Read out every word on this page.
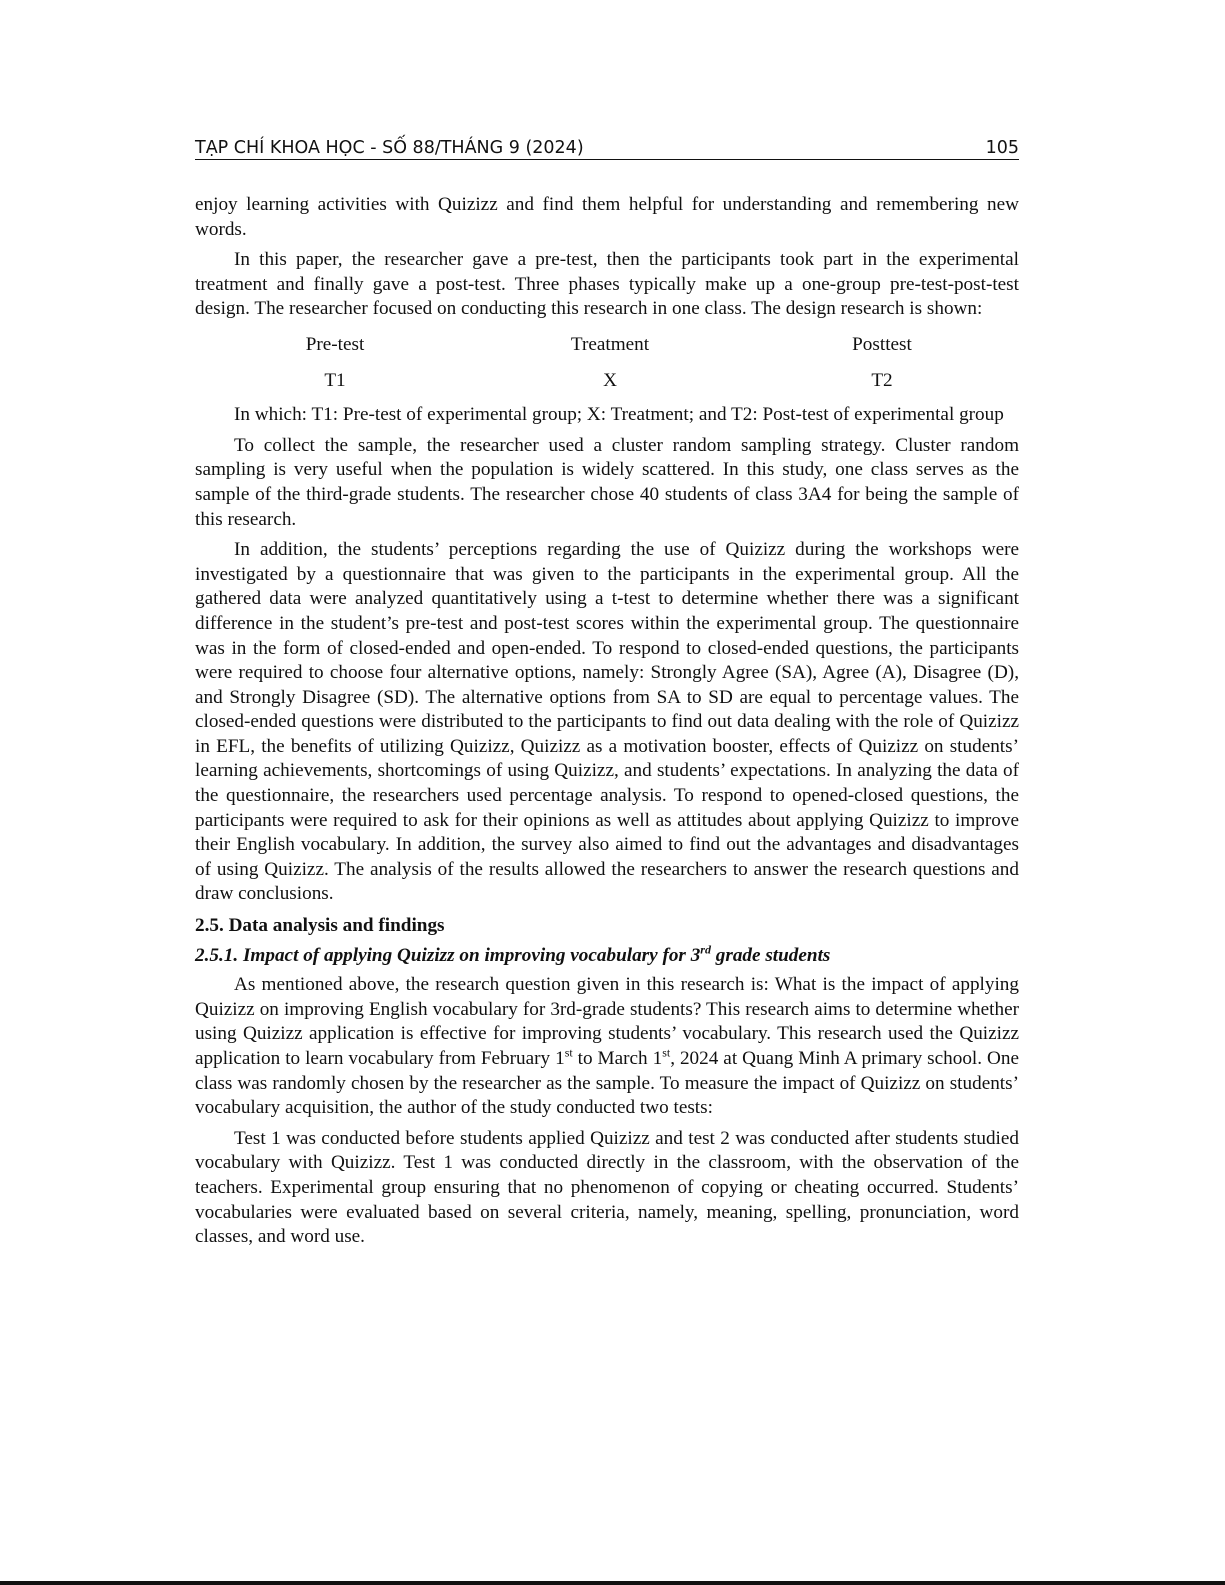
TẠP CHÍ KHOA HỌC - SỐ 88/THÁNG 9 (2024)	105

enjoy learning activities with Quizizz and find them helpful for understanding and remembering new words.

In this paper, the researcher gave a pre-test, then the participants took part in the experimental treatment and finally gave a post-test. Three phases typically make up a one-group pre-test-post-test design. The researcher focused on conducting this research in one class. The design research is shown:

Pre-test	Treatment	Posttest
T1	X	T2

In which: T1: Pre-test of experimental group; X: Treatment; and T2: Post-test of experimental group

To collect the sample, the researcher used a cluster random sampling strategy. Cluster random sampling is very useful when the population is widely scattered. In this study, one class serves as the sample of the third-grade students. The researcher chose 40 students of class 3A4 for being the sample of this research.

In addition, the students’ perceptions regarding the use of Quizizz during the workshops were investigated by a questionnaire that was given to the participants in the experimental group. All the gathered data were analyzed quantitatively using a t-test to determine whether there was a significant difference in the student’s pre-test and post-test scores within the experimental group. The questionnaire was in the form of closed-ended and open-ended. To respond to closed-ended questions, the participants were required to choose four alternative options, namely: Strongly Agree (SA), Agree (A), Disagree (D), and Strongly Disagree (SD). The alternative options from SA to SD are equal to percentage values. The closed-ended questions were distributed to the participants to find out data dealing with the role of Quizizz in EFL, the benefits of utilizing Quizizz, Quizizz as a motivation booster, effects of Quizizz on students’ learning achievements, shortcomings of using Quizizz, and students’ expectations. In analyzing the data of the questionnaire, the researchers used percentage analysis. To respond to opened-closed questions, the participants were required to ask for their opinions as well as attitudes about applying Quizizz to improve their English vocabulary. In addition, the survey also aimed to find out the advantages and disadvantages of using Quizizz. The analysis of the results allowed the researchers to answer the research questions and draw conclusions.

2.5. Data analysis and findings

2.5.1. Impact of applying Quizizz on improving vocabulary for 3rd grade students

As mentioned above, the research question given in this research is: What is the impact of applying Quizizz on improving English vocabulary for 3rd-grade students? This research aims to determine whether using Quizizz application is effective for improving students’ vocabulary. This research used the Quizizz application to learn vocabulary from February 1st to March 1st, 2024 at Quang Minh A primary school. One class was randomly chosen by the researcher as the sample. To measure the impact of Quizizz on students’ vocabulary acquisition, the author of the study conducted two tests:

Test 1 was conducted before students applied Quizizz and test 2 was conducted after students studied vocabulary with Quizizz. Test 1 was conducted directly in the classroom, with the observation of the teachers. Experimental group ensuring that no phenomenon of copying or cheating occurred. Students’ vocabularies were evaluated based on several criteria, namely, meaning, spelling, pronunciation, word classes, and word use.
